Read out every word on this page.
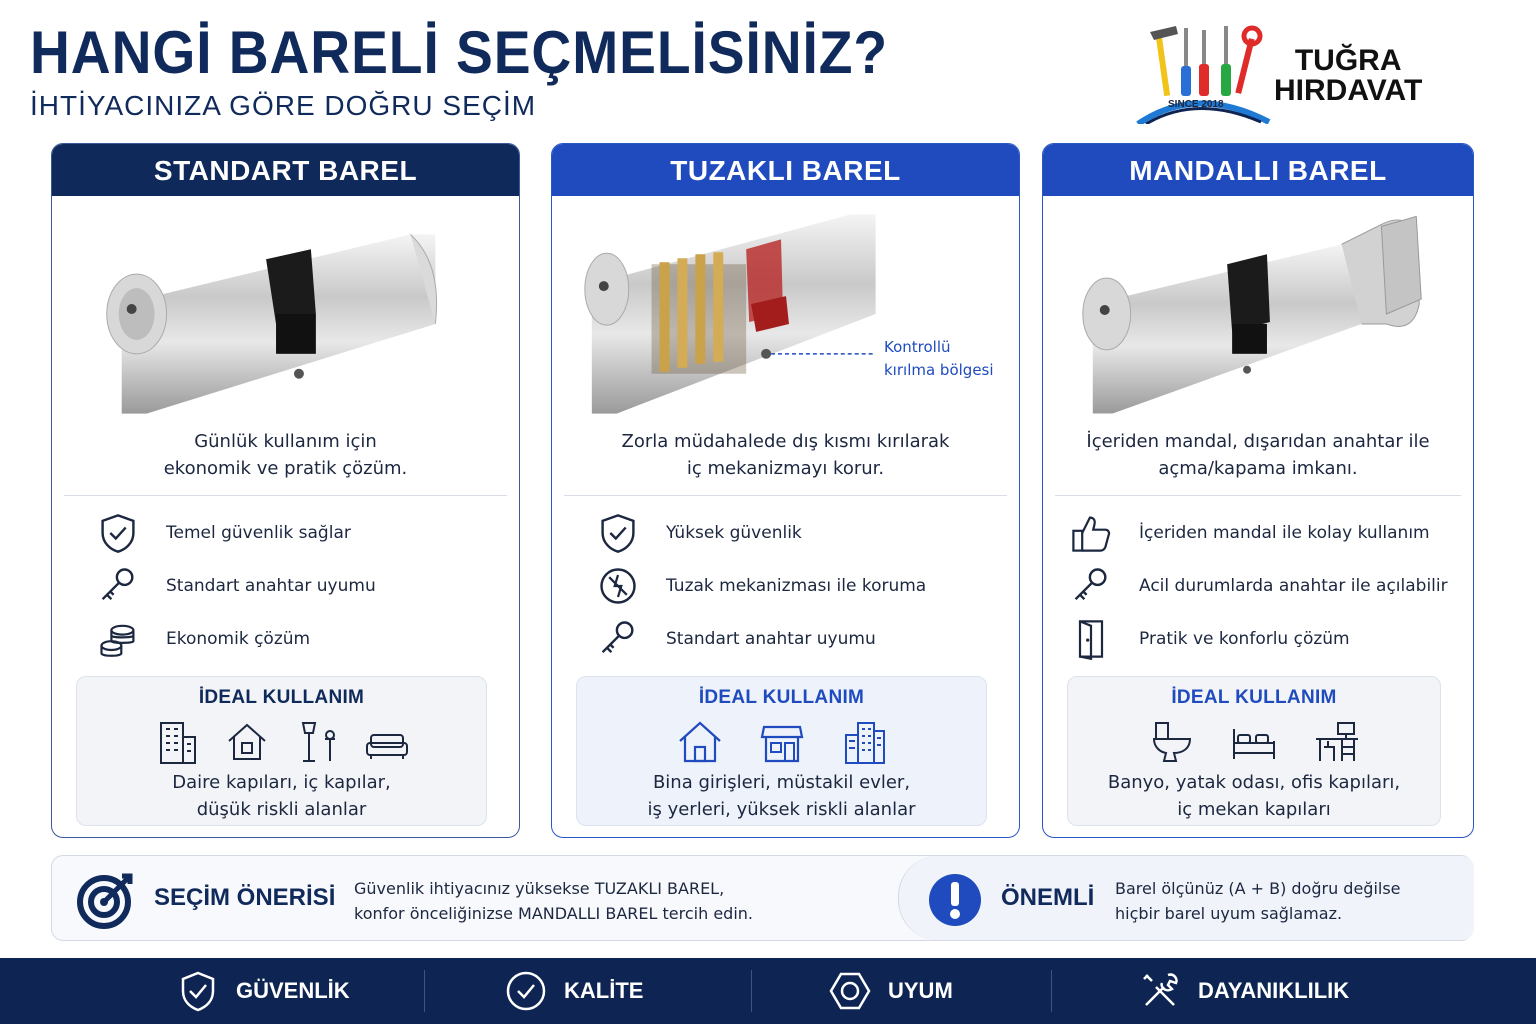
HANGİ BARELİ SEÇMELİSİNİZ?
İHTİYACINIZA GÖRE DOĞRU SEÇİM	SINCE 2018
TUĞRA
HIRDAVAT
STANDART BAREL
Günlük kullanım için
ekonomik ve pratik çözüm.
Temel güvenlik sağlar
Standart anahtar uyumu
Ekonomik çözüm
İDEAL KULLANIM
Daire kapıları, iç kapılar,
düşük riskli alanlar
TUZAKLI BAREL
Zorla müdahalede dış kısmı kırılarak
iç mekanizmayı korur.
Yüksek güvenlik
Tuzak mekanizması ile koruma
Standart anahtar uyumu
İDEAL KULLANIM
Bina girişleri, müstakil evler,
iş yerleri, yüksek riskli alanlar
Kontrollü
kırılma bölgesi
MANDALLI BAREL
İçeriden mandal, dışarıdan anahtar ile
açma/kapama imkanı.
İçeriden mandal ile kolay kullanım
Acil durumlarda anahtar ile açılabilir
Pratik ve konforlu çözüm
İDEAL KULLANIM
Banyo, yatak odası, ofis kapıları,
iç mekan kapıları
SEÇİM ÖNERİSİ Güvenlik ihtiyacınız yüksekse TUZAKLI BAREL,
konfor önceliğinizse MANDALLI BAREL tercih edin.
ÖNEMLİ Barel ölçünüz (A + B) doğru değilse
hiçbir barel uyum sağlamaz.
GÜVENLİK	KALİTE	UYUM	DAYANIKLILIK
